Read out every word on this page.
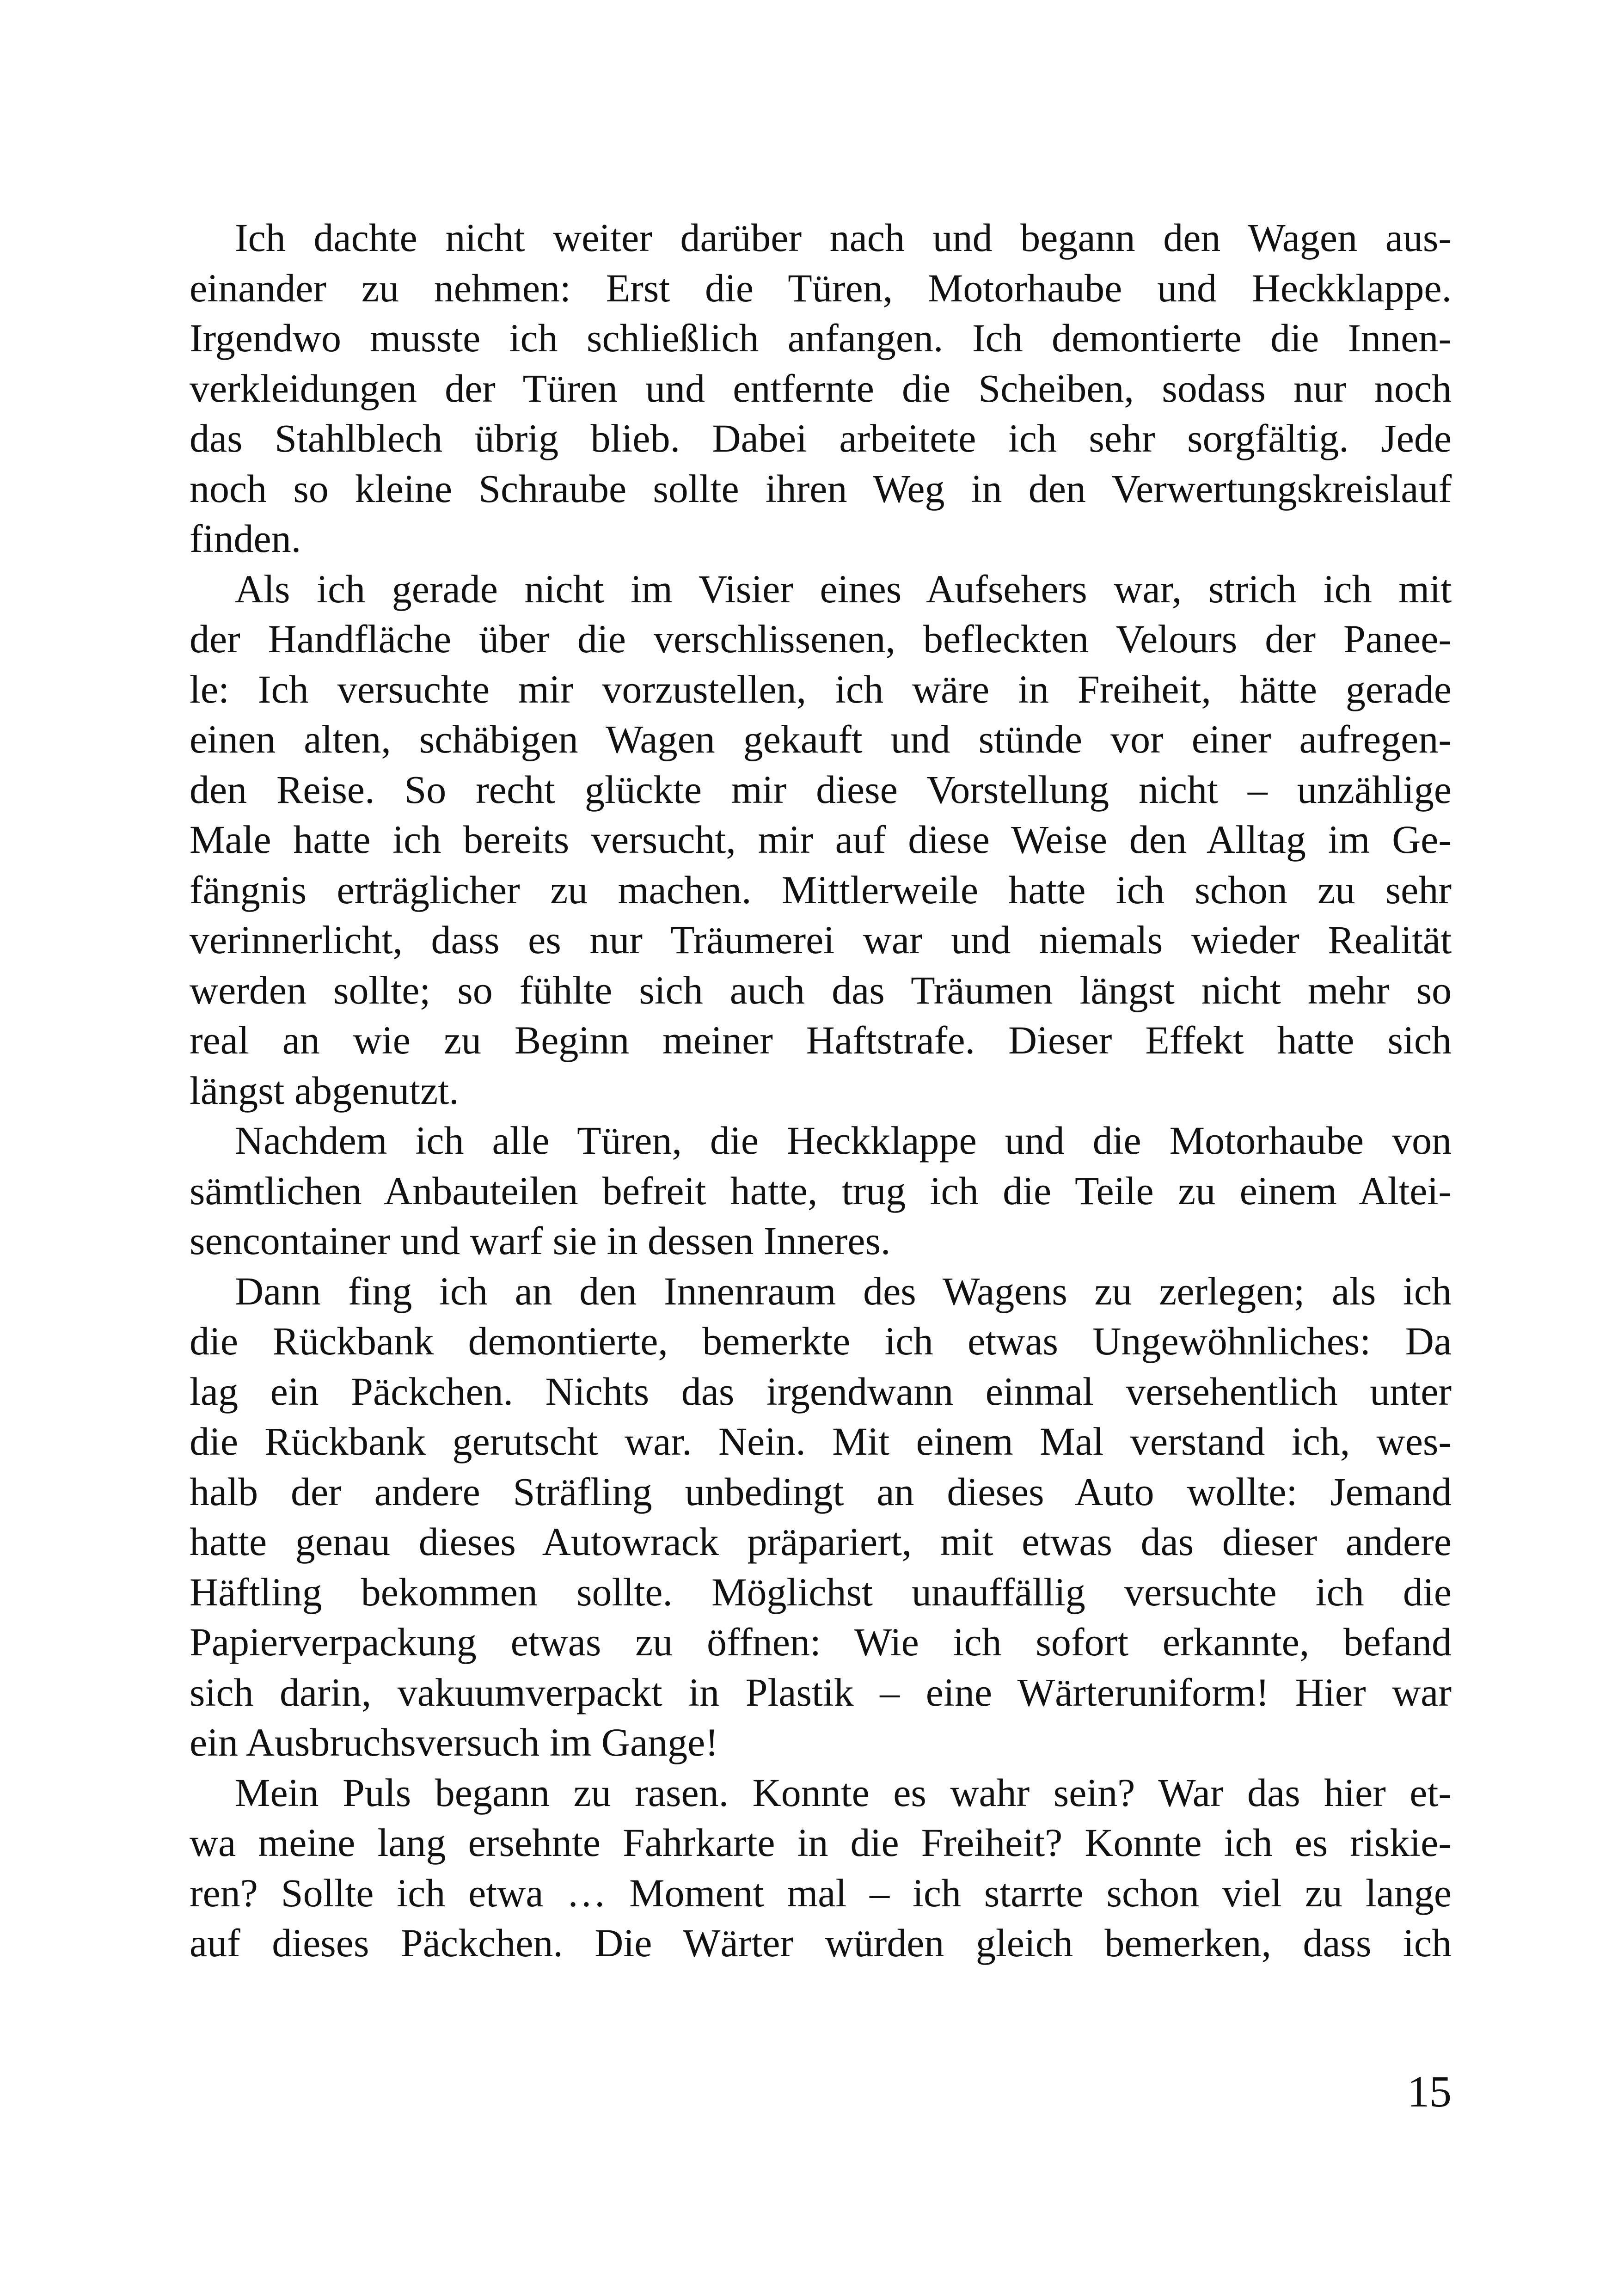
Ich dachte nicht weiter darüber nach und begann den Wagen aus-
einander zu nehmen: Erst die Türen, Motorhaube und Heckklappe.
Irgendwo musste ich schließlich anfangen. Ich demontierte die Innen-
verkleidungen der Türen und entfernte die Scheiben, sodass nur noch
das Stahlblech übrig blieb. Dabei arbeitete ich sehr sorgfältig. Jede
noch so kleine Schraube sollte ihren Weg in den Verwertungskreislauf
finden.
Als ich gerade nicht im Visier eines Aufsehers war, strich ich mit
der Handfläche über die verschlissenen, befleckten Velours der Panee-
le: Ich versuchte mir vorzustellen, ich wäre in Freiheit, hätte gerade
einen alten, schäbigen Wagen gekauft und stünde vor einer aufregen-
den Reise. So recht glückte mir diese Vorstellung nicht – unzählige
Male hatte ich bereits versucht, mir auf diese Weise den Alltag im Ge-
fängnis erträglicher zu machen. Mittlerweile hatte ich schon zu sehr
verinnerlicht, dass es nur Träumerei war und niemals wieder Realität
werden sollte; so fühlte sich auch das Träumen längst nicht mehr so
real an wie zu Beginn meiner Haftstrafe. Dieser Effekt hatte sich
längst abgenutzt.
Nachdem ich alle Türen, die Heckklappe und die Motorhaube von
sämtlichen Anbauteilen befreit hatte, trug ich die Teile zu einem Altei-
sencontainer und warf sie in dessen Inneres.
Dann fing ich an den Innenraum des Wagens zu zerlegen; als ich
die Rückbank demontierte, bemerkte ich etwas Ungewöhnliches: Da
lag ein Päckchen. Nichts das irgendwann einmal versehentlich unter
die Rückbank gerutscht war. Nein. Mit einem Mal verstand ich, wes-
halb der andere Sträfling unbedingt an dieses Auto wollte: Jemand
hatte genau dieses Autowrack präpariert, mit etwas das dieser andere
Häftling bekommen sollte. Möglichst unauffällig versuchte ich die
Papierverpackung etwas zu öffnen: Wie ich sofort erkannte, befand
sich darin, vakuumverpackt in Plastik – eine Wärteruniform! Hier war
ein Ausbruchsversuch im Gange!
Mein Puls begann zu rasen. Konnte es wahr sein? War das hier et-
wa meine lang ersehnte Fahrkarte in die Freiheit? Konnte ich es riskie-
ren? Sollte ich etwa … Moment mal – ich starrte schon viel zu lange
auf dieses Päckchen. Die Wärter würden gleich bemerken, dass ich
15
